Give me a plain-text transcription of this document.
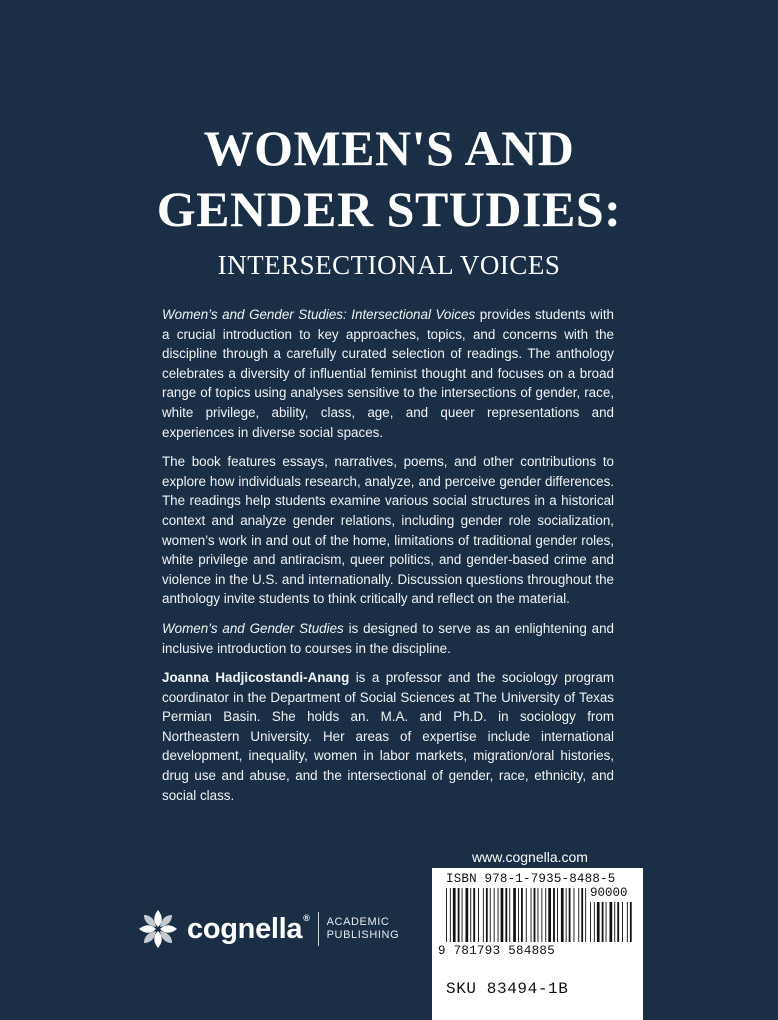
WOMEN'S AND
GENDER STUDIES:
INTERSECTIONAL VOICES

Women’s and Gender Studies: Intersectional Voices provides students with a crucial introduction to key approaches, topics, and concerns with the discipline through a carefully curated selection of readings. The anthology celebrates a diversity of influential feminist thought and focuses on a broad range of topics using analyses sensitive to the intersections of gender, race, white privilege, ability, class, age, and queer representations and experiences in diverse social spaces.

The book features essays, narratives, poems, and other contributions to explore how individuals research, analyze, and perceive gender differences. The readings help students examine various social structures in a historical context and analyze gender relations, including gender role socialization, women’s work in and out of the home, limitations of traditional gender roles, white privilege and antiracism, queer politics, and gender-based crime and violence in the U.S. and internationally. Discussion questions throughout the anthology invite students to think critically and reflect on the material.

Women’s and Gender Studies is designed to serve as an enlightening and inclusive introduction to courses in the discipline.

Joanna Hadjicostandi-Anang is a professor and the sociology program coordinator in the Department of Social Sciences at The University of Texas Permian Basin. She holds an. M.A. and Ph.D. in sociology from Northeastern University. Her areas of expertise include international development, inequality, women in labor markets, migration/oral histories, drug use and abuse, and the intersectional of gender, race, ethnicity, and social class.

www.cognella.com
cognella® ACADEMIC
PUBLISHING
ISBN 978-1-7935-8488-5
90000
9 781793 584885
SKU 83494-1B
